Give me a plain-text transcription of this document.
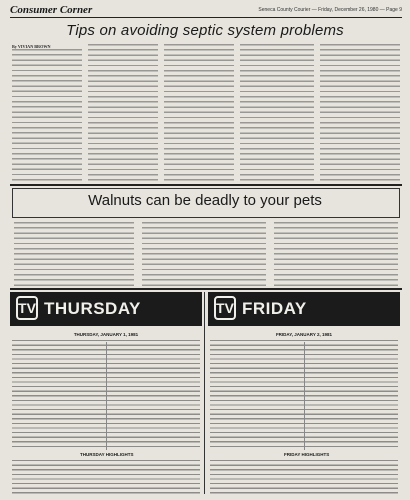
Consumer Corner	Seneca County Courier — Friday, December 26, 1980 — Page 9
Tips on avoiding septic system problems
By VIVIAN BROWN
Walnuts can be deadly to your pets
TV THURSDAY
THURSDAY, JANUARY 1, 1981
THURSDAY HIGHLIGHTS
TV FRIDAY
FRIDAY, JANUARY 2, 1981
FRIDAY HIGHLIGHTS
